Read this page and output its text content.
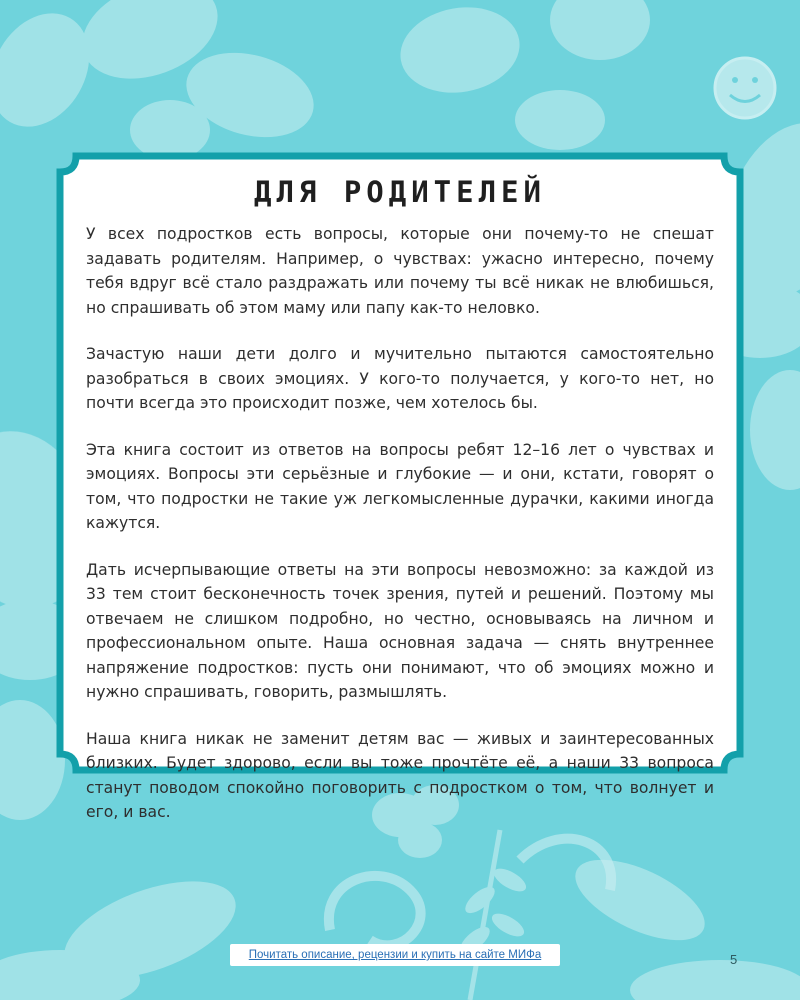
ДЛЯ РОДИТЕЛЕЙ

У всех подростков есть вопросы, которые они почему-то не спешат задавать родителям. Например, о чувствах: ужасно интересно, почему тебя вдруг всё стало раздражать или почему ты всё никак не влюбишься, но спрашивать об этом маму или папу как-то неловко.

Зачастую наши дети долго и мучительно пытаются самостоятельно разобраться в своих эмоциях. У кого-то получается, у кого-то нет, но почти всегда это происходит позже, чем хотелось бы.

Эта книга состоит из ответов на вопросы ребят 12–16 лет о чувствах и эмоциях. Вопросы эти серьёзные и глубокие — и они, кстати, говорят о том, что подростки не такие уж легкомысленные дурачки, какими иногда кажутся.

Дать исчерпывающие ответы на эти вопросы невозможно: за каждой из 33 тем стоит бесконечность точек зрения, путей и решений. Поэтому мы отвечаем не слишком подробно, но честно, основываясь на личном и профессиональном опыте. Наша основная задача — снять внутреннее напряжение подростков: пусть они понимают, что об эмоциях можно и нужно спрашивать, говорить, размышлять.

Наша книга никак не заменит детям вас — живых и заинтересованных близких. Будет здорово, если вы тоже прочтёте её, а наши 33 вопроса станут поводом спокойно поговорить с подростком о том, что волнует и его, и вас.

Почитать описание, рецензии и купить на сайте МИФа	5
